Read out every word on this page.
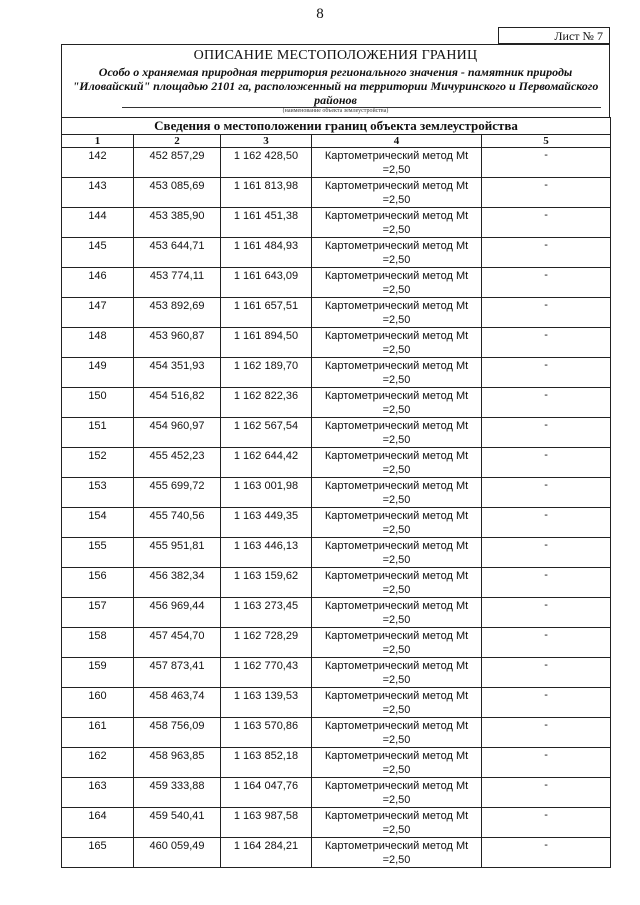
8
Лист № 7
ОПИСАНИЕ МЕСТОПОЛОЖЕНИЯ ГРАНИЦ
Особо о храняемая природная территория регионального значения - памятник природы "Иловайский" площадью 2101 га, расположенный на территории Мичуринского и Первомайского районов
(наименование объекта землеустройства)
Сведения о местоположении границ объекта землеустройства				
1	2	3	4	5
142	452 857,29	1 162 428,50	Картометрический метод Mt =2,50	-
143	453 085,69	1 161 813,98	Картометрический метод Mt =2,50	-
144	453 385,90	1 161 451,38	Картометрический метод Mt =2,50	-
145	453 644,71	1 161 484,93	Картометрический метод Mt =2,50	-
146	453 774,11	1 161 643,09	Картометрический метод Mt =2,50	-
147	453 892,69	1 161 657,51	Картометрический метод Mt =2,50	-
148	453 960,87	1 161 894,50	Картометрический метод Mt =2,50	-
149	454 351,93	1 162 189,70	Картометрический метод Mt =2,50	-
150	454 516,82	1 162 822,36	Картометрический метод Mt =2,50	-
151	454 960,97	1 162 567,54	Картометрический метод Mt =2,50	-
152	455 452,23	1 162 644,42	Картометрический метод Mt =2,50	-
153	455 699,72	1 163 001,98	Картометрический метод Mt =2,50	-
154	455 740,56	1 163 449,35	Картометрический метод Mt =2,50	-
155	455 951,81	1 163 446,13	Картометрический метод Mt =2,50	-
156	456 382,34	1 163 159,62	Картометрический метод Mt =2,50	-
157	456 969,44	1 163 273,45	Картометрический метод Mt =2,50	-
158	457 454,70	1 162 728,29	Картометрический метод Mt =2,50	-
159	457 873,41	1 162 770,43	Картометрический метод Mt =2,50	-
160	458 463,74	1 163 139,53	Картометрический метод Mt =2,50	-
161	458 756,09	1 163 570,86	Картометрический метод Mt =2,50	-
162	458 963,85	1 163 852,18	Картометрический метод Mt =2,50	-
163	459 333,88	1 164 047,76	Картометрический метод Mt =2,50	-
164	459 540,41	1 163 987,58	Картометрический метод Mt =2,50	-
165	460 059,49	1 164 284,21	Картометрический метод Mt =2,50	-
